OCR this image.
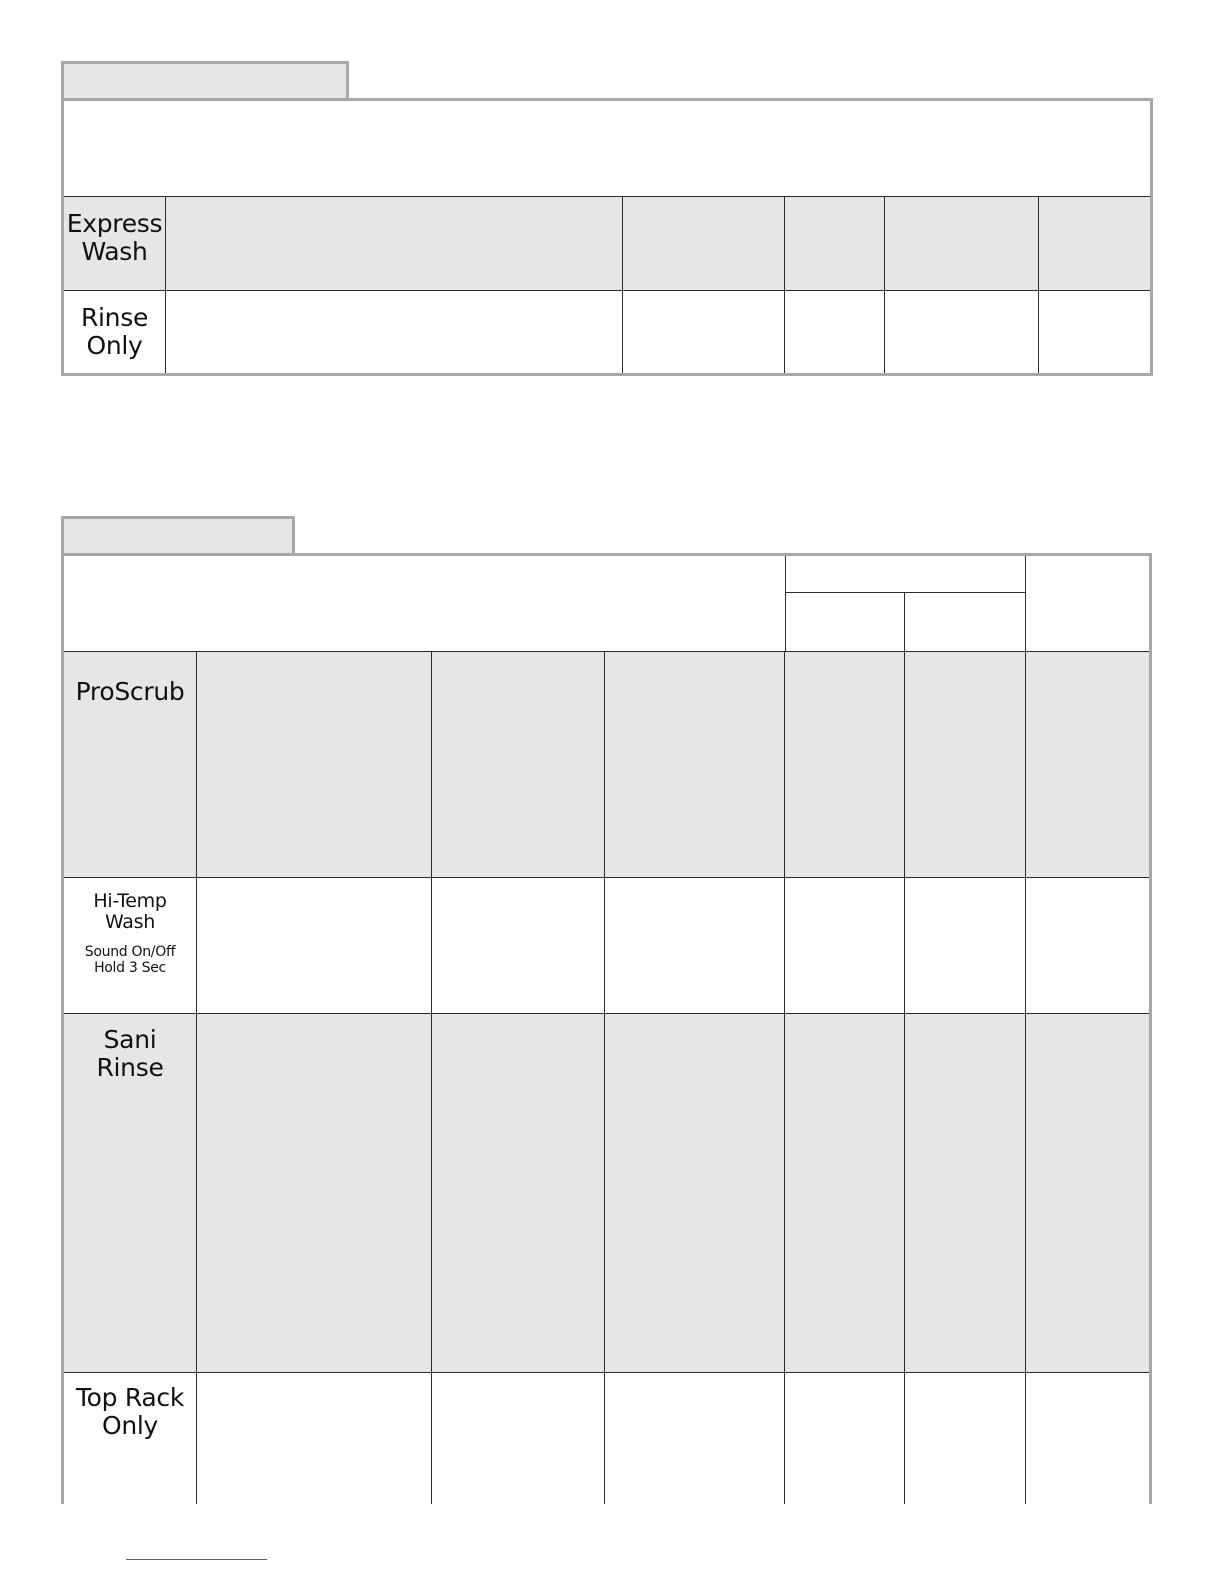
Express
Wash
Rinse
Only
ProScrub
Hi-Temp
Wash
Sound On/Off
Hold 3 Sec
Sani
Rinse
Top Rack
Only
